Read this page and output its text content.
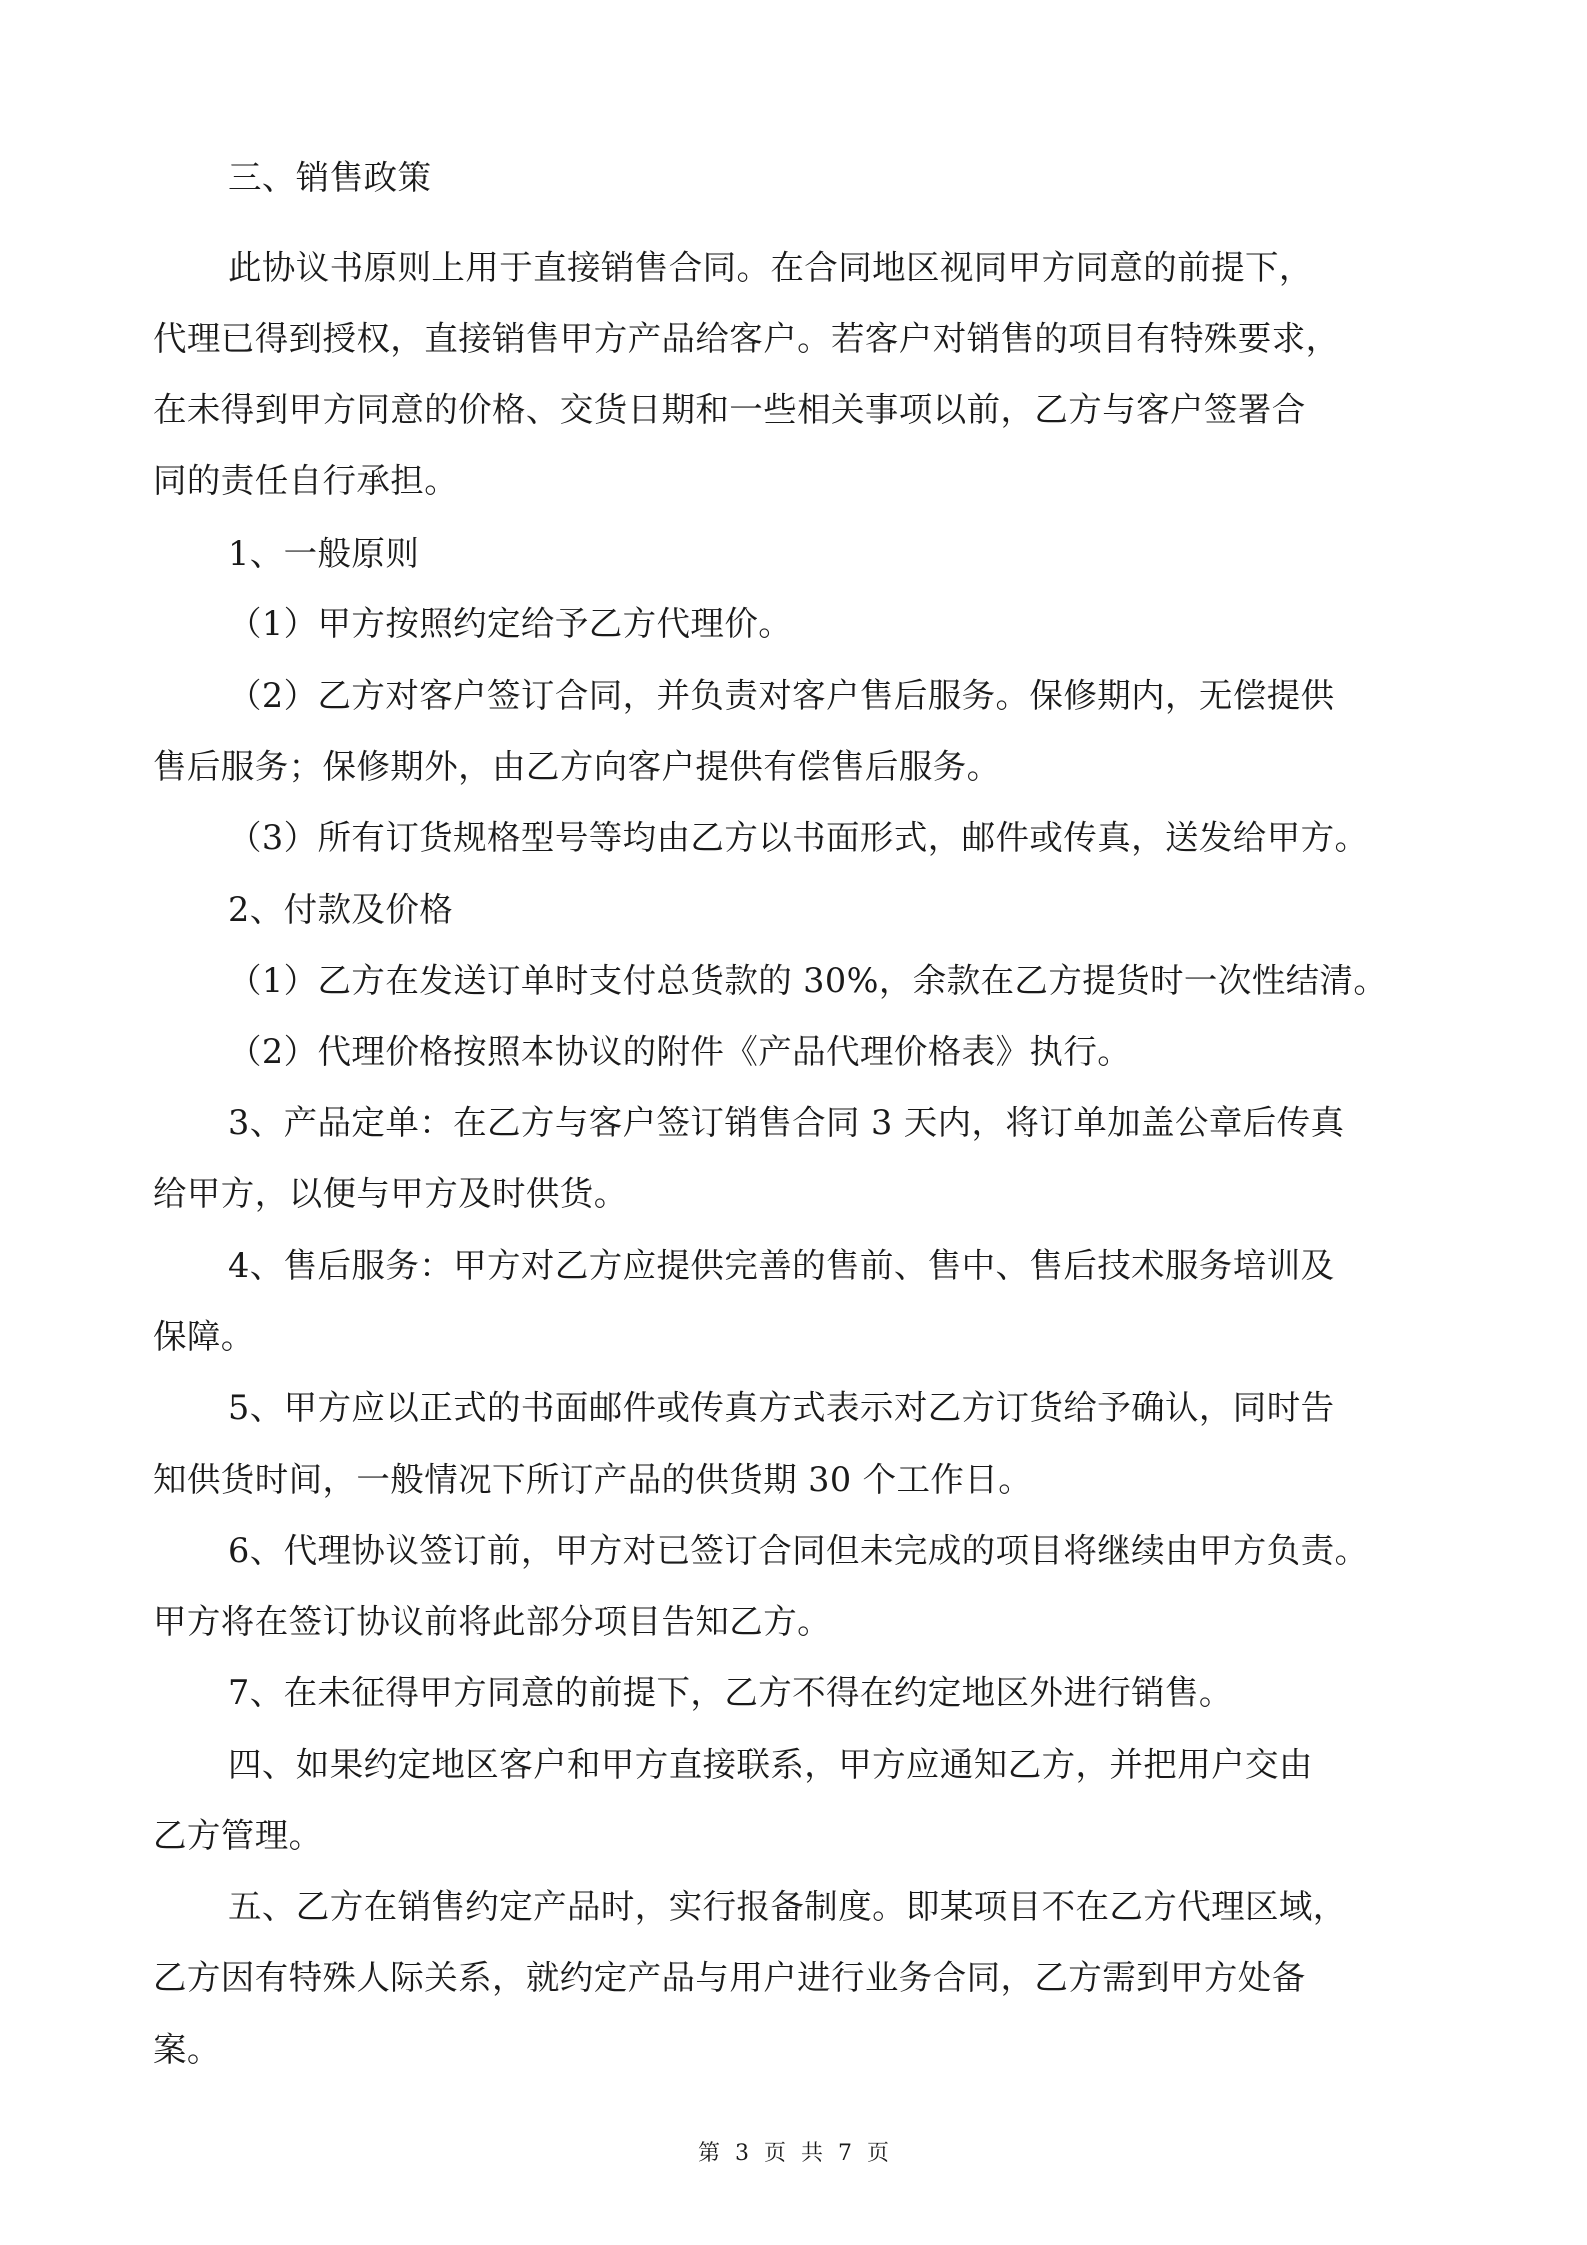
三、销售政策
此协议书原则上用于直接销售合同。在合同地区视同甲方同意的前提下，
代理已得到授权，直接销售甲方产品给客户。若客户对销售的项目有特殊要求，
在未得到甲方同意的价格、交货日期和一些相关事项以前，乙方与客户签署合
同的责任自行承担。
1、一般原则
（1）甲方按照约定给予乙方代理价。
（2）乙方对客户签订合同，并负责对客户售后服务。保修期内，无偿提供
售后服务；保修期外，由乙方向客户提供有偿售后服务。
（3）所有订货规格型号等均由乙方以书面形式，邮件或传真，送发给甲方。
2、付款及价格
（1）乙方在发送订单时支付总货款的 30%，余款在乙方提货时一次性结清。
（2）代理价格按照本协议的附件《产品代理价格表》执行。
3、产品定单：在乙方与客户签订销售合同 3 天内，将订单加盖公章后传真
给甲方，以便与甲方及时供货。
4、售后服务：甲方对乙方应提供完善的售前、售中、售后技术服务培训及
保障。
5、甲方应以正式的书面邮件或传真方式表示对乙方订货给予确认，同时告
知供货时间，一般情况下所订产品的供货期 30 个工作日。
6、代理协议签订前，甲方对已签订合同但未完成的项目将继续由甲方负责。
甲方将在签订协议前将此部分项目告知乙方。
7、在未征得甲方同意的前提下，乙方不得在约定地区外进行销售。
四、如果约定地区客户和甲方直接联系，甲方应通知乙方，并把用户交由
乙方管理。
五、乙方在销售约定产品时，实行报备制度。即某项目不在乙方代理区域，
乙方因有特殊人际关系，就约定产品与用户进行业务合同，乙方需到甲方处备
案。
第 3 页 共 7 页
